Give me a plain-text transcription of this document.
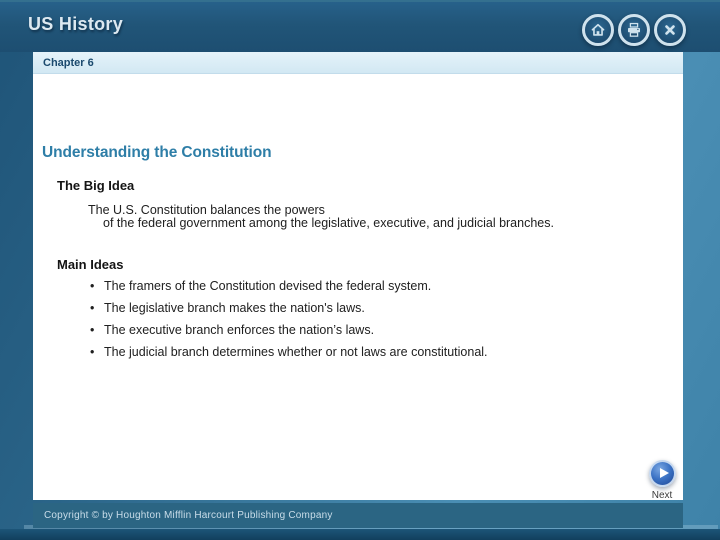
US History
Chapter 6
Understanding the Constitution
The Big Idea
The U.S. Constitution balances the powers
of the federal government among the legislative, executive, and judicial branches.
Main Ideas
• The framers of the Constitution devised the federal system.
• The legislative branch makes the nation's laws.
• The executive branch enforces the nation’s laws.
• The judicial branch determines whether or not laws are constitutional.
Next
Copyright © by Houghton Mifflin Harcourt Publishing Company
